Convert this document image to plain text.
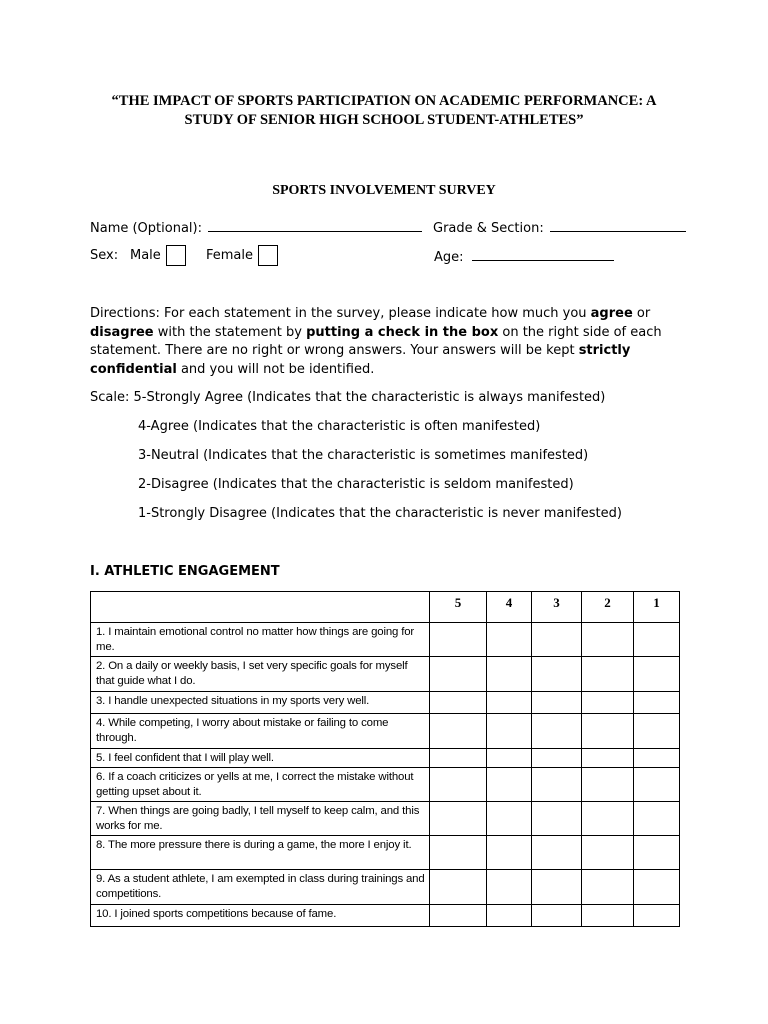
“THE IMPACT OF SPORTS PARTICIPATION ON ACADEMIC PERFORMANCE: A
STUDY OF SENIOR HIGH SCHOOL STUDENT-ATHLETES”
SPORTS INVOLVEMENT SURVEY
Name (Optional):	Grade & Section:
Sex: Male	Female	Age:
Directions: For each statement in the survey, please indicate how much you agree or disagree with the statement by putting a check in the box on the right side of each statement. There are no right or wrong answers. Your answers will be kept strictly confidential and you will not be identified.
Scale: 5-Strongly Agree (Indicates that the characteristic is always manifested)
4-Agree (Indicates that the characteristic is often manifested)
3-Neutral (Indicates that the characteristic is sometimes manifested)
2-Disagree (Indicates that the characteristic is seldom manifested)
1-Strongly Disagree (Indicates that the characteristic is never manifested)
I. ATHLETIC ENGAGEMENT
	5	4	3	2	1
1. I maintain emotional control no matter how things are going for me.					
2. On a daily or weekly basis, I set very specific goals for myself that guide what I do.					
3. I handle unexpected situations in my sports very well.					
4. While competing, I worry about mistake or failing to come through.					
5. I feel confident that I will play well.					
6. If a coach criticizes or yells at me, I correct the mistake without getting upset about it.					
7. When things are going badly, I tell myself to keep calm, and this works for me.					
8. The more pressure there is during a game, the more I enjoy it.					
9. As a student athlete, I am exempted in class during trainings and competitions.					
10. I joined sports competitions because of fame.					
